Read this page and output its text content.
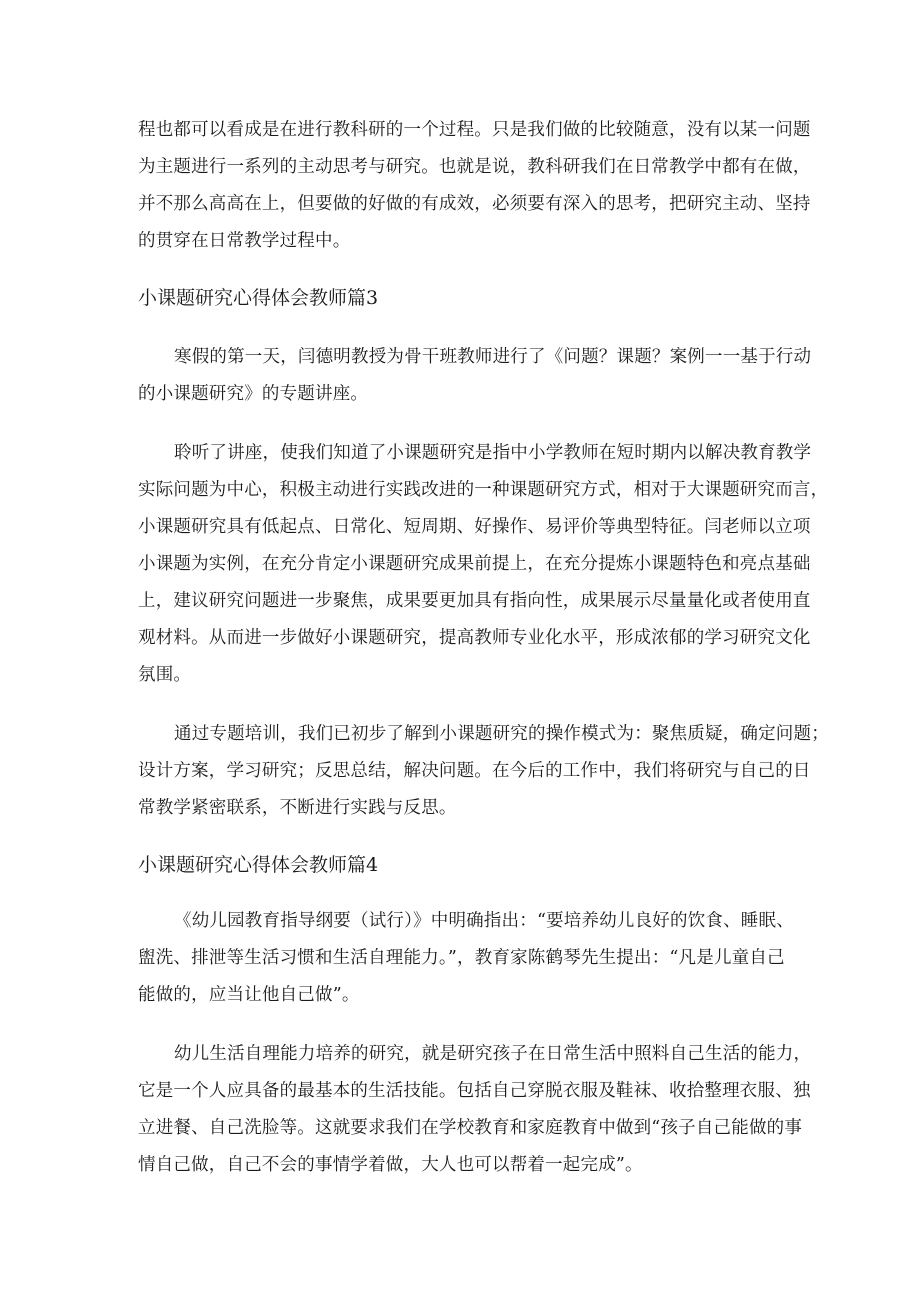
程也都可以看成是在进行教科研的一个过程。只是我们做的比较随意，没有以某一问题
为主题进行一系列的主动思考与研究。也就是说，教科研我们在日常教学中都有在做，
并不那么高高在上，但要做的好做的有成效，必须要有深入的思考，把研究主动、坚持
的贯穿在日常教学过程中。
小课题研究心得体会教师篇3
寒假的第一天，闫德明教授为骨干班教师进行了《问题？课题？案例一一基于行动
的小课题研究》的专题讲座。
聆听了讲座，使我们知道了小课题研究是指中小学教师在短时期内以解决教育教学
实际问题为中心，积极主动进行实践改进的一种课题研究方式，相对于大课题研究而言，
小课题研究具有低起点、日常化、短周期、好操作、易评价等典型特征。闫老师以立项
小课题为实例，在充分肯定小课题研究成果前提上，在充分提炼小课题特色和亮点基础
上，建议研究问题进一步聚焦，成果要更加具有指向性，成果展示尽量量化或者使用直
观材料。从而进一步做好小课题研究，提高教师专业化水平，形成浓郁的学习研究文化
氛围。
通过专题培训，我们已初步了解到小课题研究的操作模式为：聚焦质疑，确定问题；
设计方案，学习研究；反思总结，解决问题。在今后的工作中，我们将研究与自己的日
常教学紧密联系，不断进行实践与反思。
小课题研究心得体会教师篇4
《幼儿园教育指导纲要（试行）》中明确指出：“要培养幼儿良好的饮食、睡眠、
盥洗、排泄等生活习惯和生活自理能力。”，教育家陈鹤琴先生提出：“凡是儿童自己
能做的，应当让他自己做”。
幼儿生活自理能力培养的研究，就是研究孩子在日常生活中照料自己生活的能力，
它是一个人应具备的最基本的生活技能。包括自己穿脱衣服及鞋袜、收拾整理衣服、独
立进餐、自己洗脸等。这就要求我们在学校教育和家庭教育中做到“孩子自己能做的事
情自己做，自己不会的事情学着做，大人也可以帮着一起完成”。
